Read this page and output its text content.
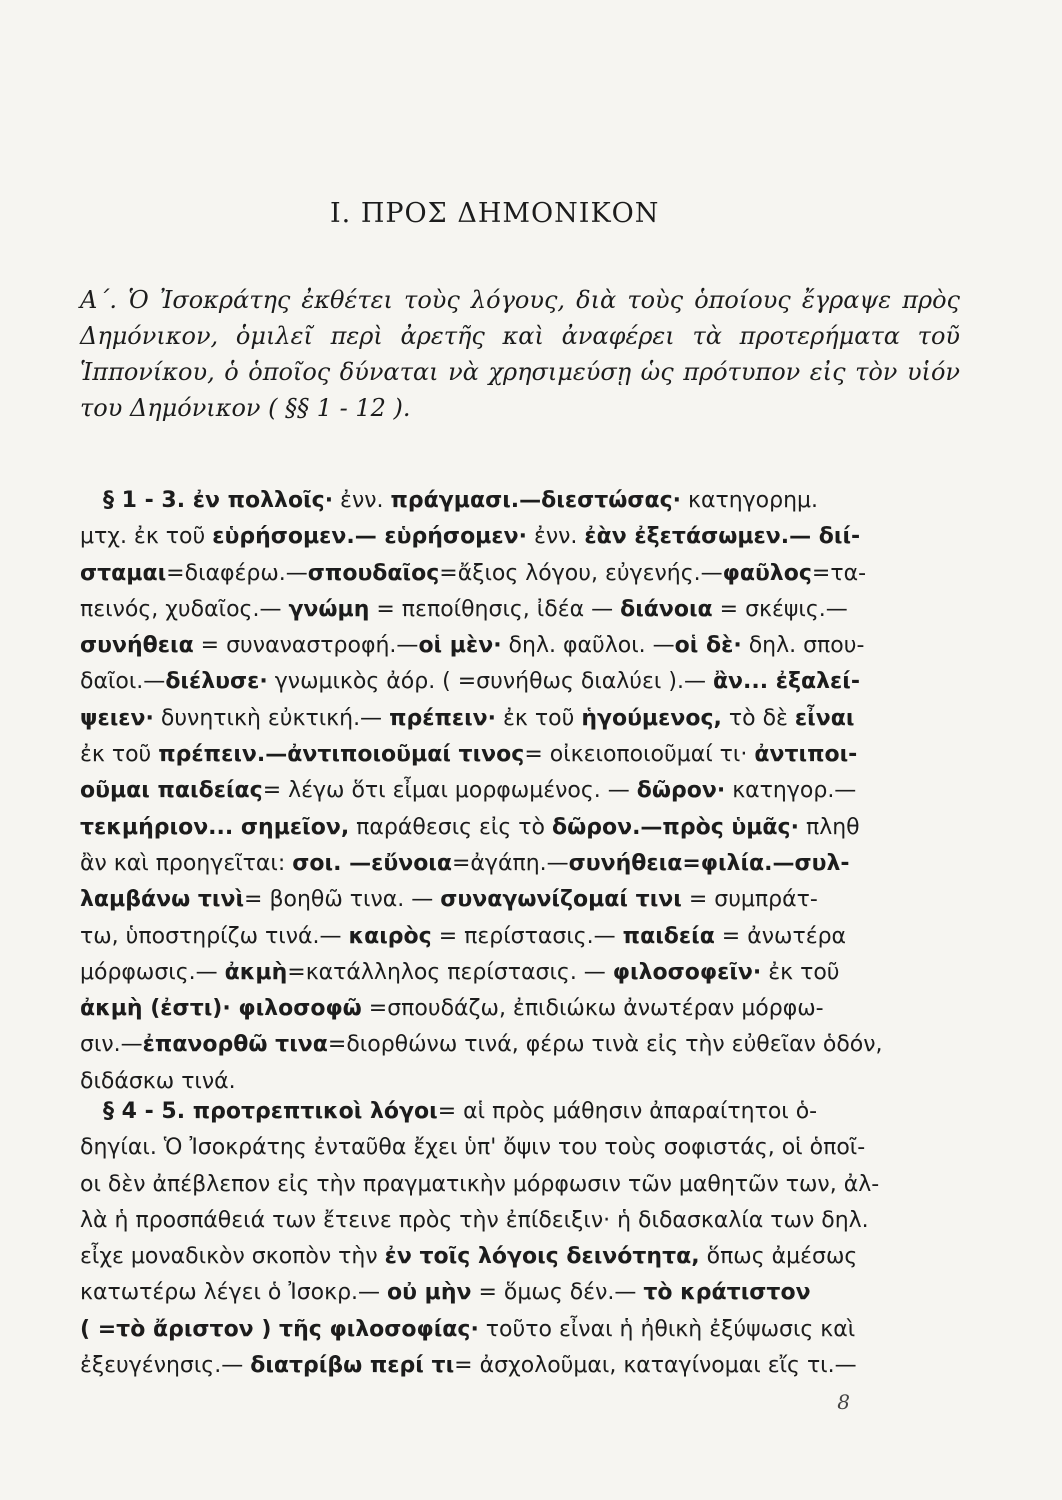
I. ΠΡΟΣ ΔΗΜΟΝΙΚΟΝ
Α΄. Ὁ Ἰσοκράτης ἐκθέτει τοὺς λόγους, διὰ τοὺς ὁποίους ἔγραψε πρὸς Δημόνικον, ὁμιλεῖ περὶ ἀρετῆς καὶ ἀναφέρει τὰ προτερήματα τοῦ Ἱππονίκου, ὁ ὁποῖος δύναται νὰ χρησιμεύσῃ ὡς πρότυπον εἰς τὸν υἱόν του Δημόνικον ( §§ 1 - 12 ).
§ 1 - 3. ἐν πολλοῖς· ἐνν. πράγμασι.—διεστώσας· κατηγορημ.
μτχ. ἐκ τοῦ εὑρήσομεν.— εὑρήσομεν· ἐνν. ἐὰν ἐξετάσωμεν.— διί-
σταμαι=διαφέρω.—σπουδαῖος=ἄξιος λόγου, εὐγενής.—φαῦλος=τα-
πεινός, χυδαῖος.— γνώμη = πεποίθησις, ἰδέα — διάνοια = σκέψις.—
συνήθεια = συναναστροφή.—οἱ μὲν· δηλ. φαῦλοι. —οἱ δὲ· δηλ. σπου-
δαῖοι.—διέλυσε· γνωμικὸς ἀόρ. ( =συνήθως διαλύει ).— ἂν... ἐξαλεί-
ψειεν· δυνητικὴ εὐκτική.— πρέπειν· ἐκ τοῦ ἡγούμενος, τὸ δὲ εἶναι
ἐκ τοῦ πρέπειν.—ἀντιποιοῦμαί τινος= οἰκειοποιοῦμαί τι· ἀντιποι-
οῦμαι παιδείας= λέγω ὅτι εἶμαι μορφωμένος. — δῶρον· κατηγορ.—
τεκμήριον... σημεῖον, παράθεσις εἰς τὸ δῶρον.—πρὸς ὑμᾶς· πληθ
ἂν καὶ προηγεῖται: σοι. —εὔνοια=ἀγάπη.—συνήθεια=φιλία.—συλ-
λαμβάνω τινὶ= βοηθῶ τινα. — συναγωνίζομαί τινι = συμπράτ-
τω, ὑποστηρίζω τινά.— καιρὸς = περίστασις.— παιδεία = ἀνωτέρα
μόρφωσις.— ἀκμὴ=κατάλληλος περίστασις. — φιλοσοφεῖν· ἐκ τοῦ
ἀκμὴ (ἐστι)· φιλοσοφῶ =σπουδάζω, ἐπιδιώκω ἀνωτέραν μόρφω-
σιν.—ἐπανορθῶ τινα=διορθώνω τινά, φέρω τινὰ εἰς τὴν εὐθεῖαν ὁδόν,
διδάσκω τινά.
§ 4 - 5. προτρεπτικοὶ λόγοι= αἱ πρὸς μάθησιν ἀπαραίτητοι ὁ-
δηγίαι. Ὁ Ἰσοκράτης ἐνταῦθα ἔχει ὑπ' ὄψιν του τοὺς σοφιστάς, οἱ ὁποῖ-
οι δὲν ἀπέβλεπον εἰς τὴν πραγματικὴν μόρφωσιν τῶν μαθητῶν των, ἀλ-
λὰ ἡ προσπάθειά των ἔτεινε πρὸς τὴν ἐπίδειξιν· ἡ διδασκαλία των δηλ.
εἶχε μοναδικὸν σκοπὸν τὴν ἐν τοῖς λόγοις δεινότητα, ὅπως ἀμέσως
κατωτέρω λέγει ὁ Ἰσοκρ.— οὐ μὴν = ὅμως δέν.— τὸ κράτιστον
( =τὸ ἄριστον ) τῆς φιλοσοφίας· τοῦτο εἶναι ἡ ἠθικὴ ἐξύψωσις καὶ
ἐξευγένησις.— διατρίβω περί τι= ἀσχολοῦμαι, καταγίνομαι εἴς τι.—
8
